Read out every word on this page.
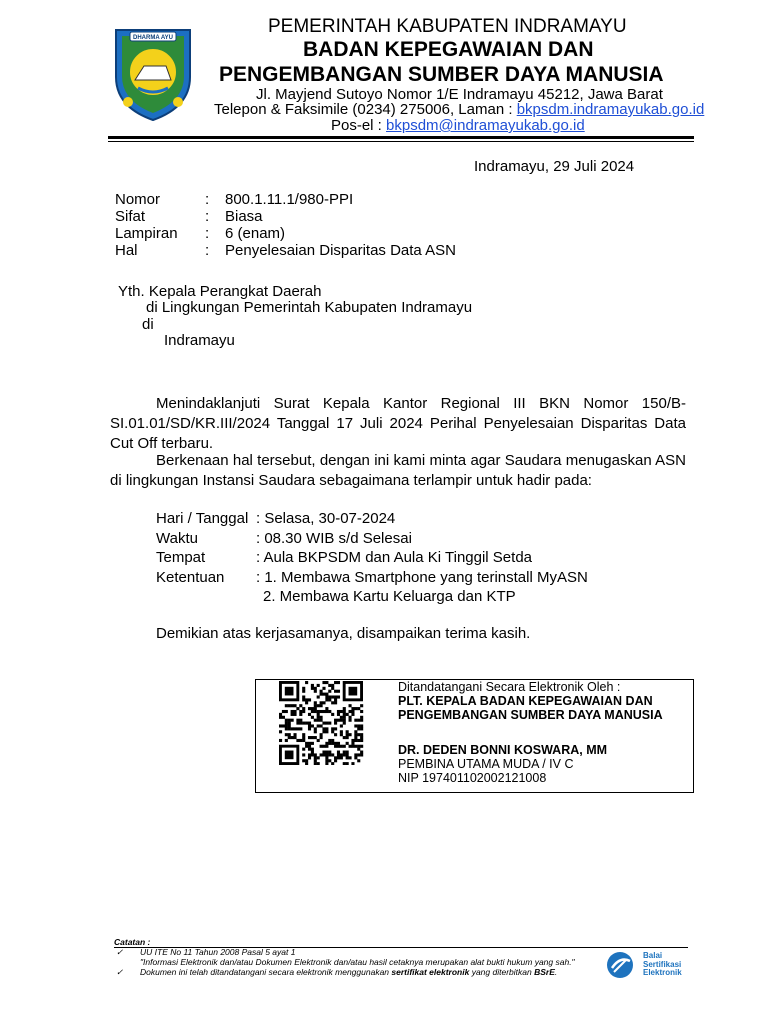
DHARMA AYU
PEMERINTAH KABUPATEN INDRAMAYU
BADAN KEPEGAWAIAN DAN
PENGEMBANGAN SUMBER DAYA MANUSIA
Jl. Mayjend Sutoyo Nomor 1/E Indramayu 45212, Jawa Barat
Telepon & Faksimile (0234) 275006, Laman : bkpsdm.indramayukab.go.id
Pos-el : bkpsdm@indramayukab.go.id
Indramayu, 29 Juli 2024
Nomor	:	800.1.11.1/980-PPI
Sifat	:	Biasa
Lampiran	:	6 (enam)
Hal	:	Penyelesaian Disparitas Data ASN
Yth. Kepala Perangkat Daerah
di Lingkungan Pemerintah Kabupaten Indramayu
di
Indramayu
Menindaklanjuti Surat Kepala Kantor Regional III BKN Nomor 150/B-SI.01.01/SD/KR.III/2024 Tanggal 17 Juli 2024 Perihal Penyelesaian Disparitas Data Cut Off terbaru.
Berkenaan hal tersebut, dengan ini kami minta agar Saudara menugaskan ASN di lingkungan Instansi Saudara sebagaimana terlampir untuk hadir pada:
Hari / Tanggal	: Selasa, 30-07-2024
Waktu	: 08.30 WIB s/d Selesai
Tempat	: Aula BKPSDM dan Aula Ki Tinggil Setda
Ketentuan	: 1. Membawa Smartphone yang terinstall MyASN
	2. Membawa Kartu Keluarga dan KTP
Demikian atas kerjasamanya, disampaikan terima kasih.
Ditandatangani Secara Elektronik Oleh :
PLT. KEPALA BADAN KEPEGAWAIAN DAN
PENGEMBANGAN SUMBER DAYA MANUSIA
DR. DEDEN BONNI KOSWARA, MM
PEMBINA UTAMA MUDA / IV C
NIP 197401102002121008
Catatan :
✓	UU ITE No 11 Tahun 2008 Pasal 5 ayat 1
"Informasi Elektronik dan/atau Dokumen Elektronik dan/atau hasil cetaknya merupakan alat bukti hukum yang sah."
✓	Dokumen ini telah ditandatangani secara elektronik menggunakan sertifikat elektronik yang diterbitkan BSrE.
Balai
Sertifikasi
Elektronik
